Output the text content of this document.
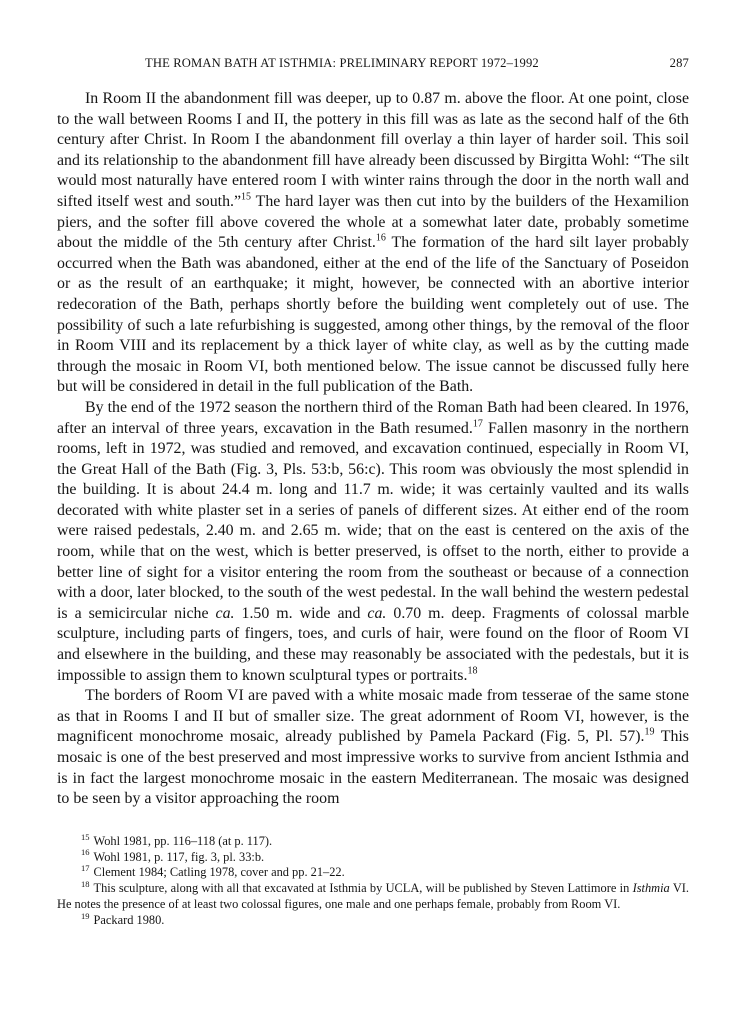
THE ROMAN BATH AT ISTHMIA: PRELIMINARY REPORT 1972–1992	287

In Room II the abandonment fill was deeper, up to 0.87 m. above the floor. At one point, close to the wall between Rooms I and II, the pottery in this fill was as late as the second half of the 6th century after Christ. In Room I the abandonment fill overlay a thin layer of harder soil. This soil and its relationship to the abandonment fill have already been discussed by Birgitta Wohl: “The silt would most naturally have entered room I with winter rains through the door in the north wall and sifted itself west and south.”$^{15}$ The hard layer was then cut into by the builders of the Hexamilion piers, and the softer fill above covered the whole at a somewhat later date, probably sometime about the middle of the 5th century after Christ.$^{16}$ The formation of the hard silt layer probably occurred when the Bath was abandoned, either at the end of the life of the Sanctuary of Poseidon or as the result of an earthquake; it might, however, be connected with an abortive interior redecoration of the Bath, perhaps shortly before the building went completely out of use. The possibility of such a late refurbishing is suggested, among other things, by the removal of the floor in Room VIII and its replacement by a thick layer of white clay, as well as by the cutting made through the mosaic in Room VI, both mentioned below. The issue cannot be discussed fully here but will be considered in detail in the full publication of the Bath.

By the end of the 1972 season the northern third of the Roman Bath had been cleared. In 1976, after an interval of three years, excavation in the Bath resumed.$^{17}$ Fallen masonry in the northern rooms, left in 1972, was studied and removed, and excavation continued, especially in Room VI, the Great Hall of the Bath (Fig. 3, Pls. 53:b, 56:c). This room was obviously the most splendid in the building. It is about 24.4 m. long and 11.7 m. wide; it was certainly vaulted and its walls decorated with white plaster set in a series of panels of different sizes. At either end of the room were raised pedestals, 2.40 m. and 2.65 m. wide; that on the east is centered on the axis of the room, while that on the west, which is better preserved, is offset to the north, either to provide a better line of sight for a visitor entering the room from the southeast or because of a connection with a door, later blocked, to the south of the west pedestal. In the wall behind the western pedestal is a semicircular niche ca. 1.50 m. wide and ca. 0.70 m. deep. Fragments of colossal marble sculpture, including parts of fingers, toes, and curls of hair, were found on the floor of Room VI and elsewhere in the building, and these may reasonably be associated with the pedestals, but it is impossible to assign them to known sculptural types or portraits.$^{18}$

The borders of Room VI are paved with a white mosaic made from tesserae of the same stone as that in Rooms I and II but of smaller size. The great adornment of Room VI, however, is the magnificent monochrome mosaic, already published by Pamela Packard (Fig. 5, Pl. 57).$^{19}$ This mosaic is one of the best preserved and most impressive works to survive from ancient Isthmia and is in fact the largest monochrome mosaic in the eastern Mediterranean. The mosaic was designed to be seen by a visitor approaching the room

$^{15}$ Wohl 1981, pp. 116–118 (at p. 117).

$^{16}$ Wohl 1981, p. 117, fig. 3, pl. 33:b.

$^{17}$ Clement 1984; Catling 1978, cover and pp. 21–22.

$^{18}$ This sculpture, along with all that excavated at Isthmia by UCLA, will be published by Steven Lattimore in Isthmia VI. He notes the presence of at least two colossal figures, one male and one perhaps female, probably from Room VI.

$^{19}$ Packard 1980.
